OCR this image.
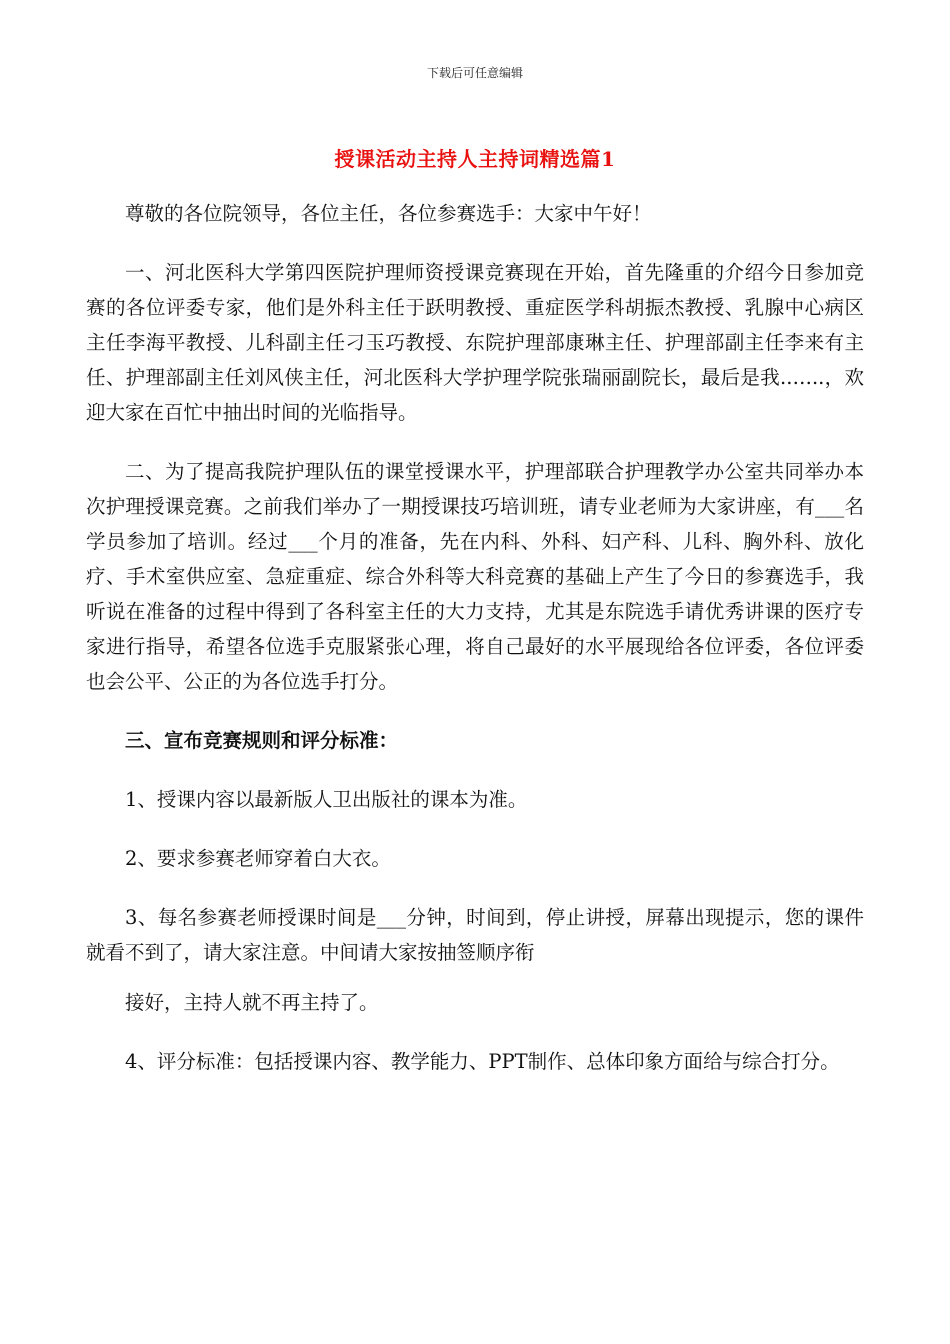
下载后可任意编辑
授课活动主持人主持词精选篇1

尊敬的各位院领导，各位主任，各位参赛选手：大家中午好！

一、河北医科大学第四医院护理师资授课竞赛现在开始，首先隆重的介绍今日参加竞赛的各位评委专家，他们是外科主任于跃明教授、重症医学科胡振杰教授、乳腺中心病区主任李海平教授、儿科副主任刁玉巧教授、东院护理部康琳主任、护理部副主任李来有主任、护理部副主任刘风侠主任，河北医科大学护理学院张瑞丽副院长，最后是我..…..，欢迎大家在百忙中抽出时间的光临指导。

二、为了提高我院护理队伍的课堂授课水平，护理部联合护理教学办公室共同举办本次护理授课竞赛。之前我们举办了一期授课技巧培训班，请专业老师为大家讲座，有___名学员参加了培训。经过___个月的准备，先在内科、外科、妇产科、儿科、胸外科、放化疗、手术室供应室、急症重症、综合外科等大科竞赛的基础上产生了今日的参赛选手，我听说在准备的过程中得到了各科室主任的大力支持，尤其是东院选手请优秀讲课的医疗专家进行指导，希望各位选手克服紧张心理，将自己最好的水平展现给各位评委，各位评委也会公平、公正的为各位选手打分。

三、宣布竞赛规则和评分标准：

1、授课内容以最新版人卫出版社的课本为准。

2、要求参赛老师穿着白大衣。

3、每名参赛老师授课时间是___分钟，时间到，停止讲授，屏幕出现提示，您的课件就看不到了，请大家注意。中间请大家按抽签顺序衔

接好，主持人就不再主持了。

4、评分标准：包括授课内容、教学能力、PPT制作、总体印象方面给与综合打分。
